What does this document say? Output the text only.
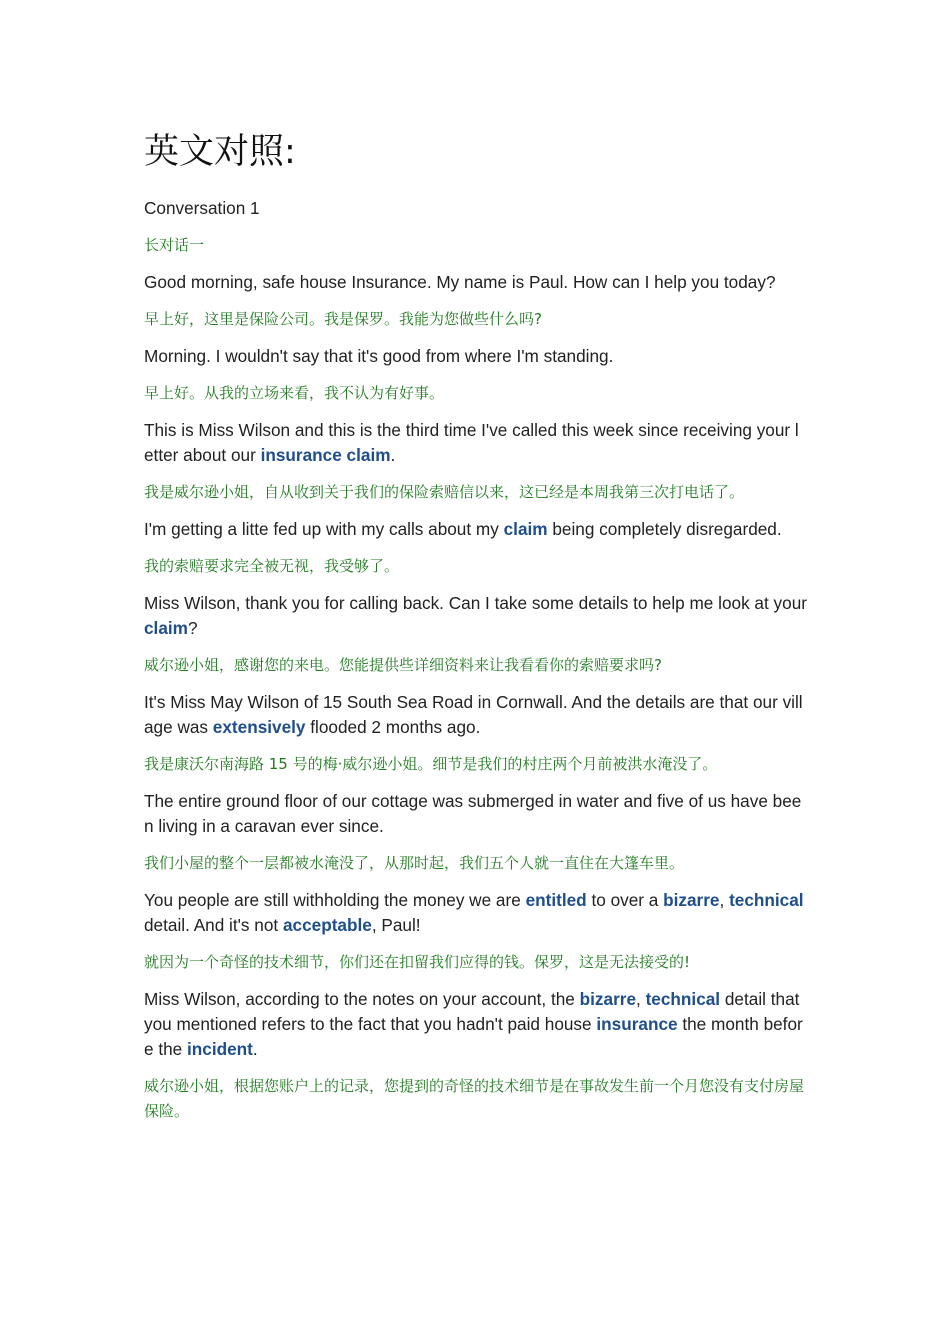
英文对照:

Conversation 1

长对话一

Good morning, safe house Insurance. My name is Paul. How can I help you today?

早上好，这里是保险公司。我是保罗。我能为您做些什么吗?

Morning. I wouldn't say that it's good from where I'm standing.

早上好。从我的立场来看，我不认为有好事。

This is Miss Wilson and this is the third time I've called this week since receiving your letter about our insurance claim.

我是威尔逊小姐，自从收到关于我们的保险索赔信以来，这已经是本周我第三次打电话了。

I'm getting a litte fed up with my calls about my claim being completely disregarded.

我的索赔要求完全被无视，我受够了。

Miss Wilson, thank you for calling back. Can I take some details to help me look at your claim?

威尔逊小姐，感谢您的来电。您能提供些详细资料来让我看看你的索赔要求吗?

It's Miss May Wilson of 15 South Sea Road in Cornwall. And the details are that our village was extensively flooded 2 months ago.

我是康沃尔南海路 15 号的梅·威尔逊小姐。细节是我们的村庄两个月前被洪水淹没了。

The entire ground floor of our cottage was submerged in water and five of us have been living in a caravan ever since.

我们小屋的整个一层都被水淹没了，从那时起，我们五个人就一直住在大篷车里。

You people are still withholding the money we are entitled to over a bizarre, technical detail. And it's not acceptable, Paul!

就因为一个奇怪的技术细节，你们还在扣留我们应得的钱。保罗，这是无法接受的!

Miss Wilson, according to the notes on your account, the bizarre, technical detail that you mentioned refers to the fact that you hadn't paid house insurance the month before the incident.

威尔逊小姐，根据您账户上的记录，您提到的奇怪的技术细节是在事故发生前一个月您没有支付房屋保险。
